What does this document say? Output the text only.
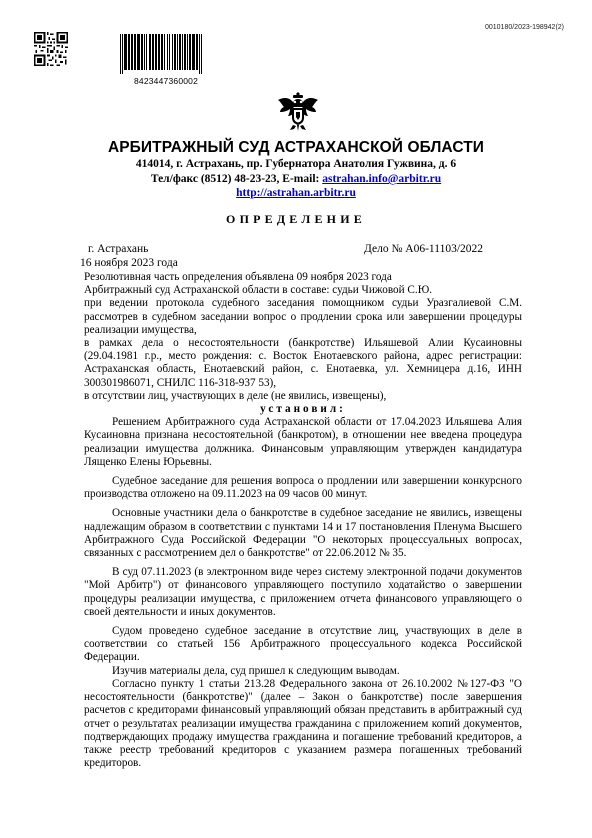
0010180/2023-198942(2)
8423447360002
АРБИТРАЖНЫЙ СУД АСТРАХАНСКОЙ ОБЛАСТИ
414014, г. Астрахань, пр. Губернатора Анатолия Гужвина, д. 6
Тел/факс (8512) 48-23-23, E-mail: astrahan.info@arbitr.ru
http://astrahan.arbitr.ru
ОПРЕДЕЛЕНИЕ
г. Астрахань	Дело № А06-11103/2022
16 ноября 2023 года

Резолютивная часть определения объявлена 09 ноября 2023 года

Арбитражный суд Астраханской области в составе: судьи Чижовой С.Ю.

при ведении протокола судебного заседания помощником судьи Уразгалиевой С.М. рассмотрев в судебном заседании вопрос о продлении срока или завершении процедуры реализации имущества,

в рамках дела о несостоятельности (банкротстве) Ильяшевой Алии Кусаиновны (29.04.1981 г.р., место рождения: с. Восток Енотаевского района, адрес регистрации: Астраханская область, Енотаевский район, с. Енотаевка, ул. Хемницера д.16, ИНН 300301986071, СНИЛС 116-318-937 53),

в отсутствии лиц, участвующих в деле (не явились, извещены),

установил:

Решением Арбитражного суда Астраханской области от 17.04.2023 Ильяшева Алия Кусаиновна признана несостоятельной (банкротом), в отношении нее введена процедура реализации имущества должника. Финансовым управляющим утвержден кандидатура Лященко Елены Юрьевны.

Судебное заседание для решения вопроса о продлении или завершении конкурсного производства отложено на 09.11.2023 на 09 часов 00 минут.

Основные участники дела о банкротстве в судебное заседание не явились, извещены надлежащим образом в соответствии с пунктами 14 и 17 постановления Пленума Высшего Арбитражного Суда Российской Федерации "О некоторых процессуальных вопросах, связанных с рассмотрением дел о банкротстве" от 22.06.2012 № 35.

В суд 07.11.2023 (в электронном виде через систему электронной подачи документов "Мой Арбитр") от финансового управляющего поступило ходатайство о завершении процедуры реализации имущества, с приложением отчета финансового управляющего о своей деятельности и иных документов.

Судом проведено судебное заседание в отсутствие лиц, участвующих в деле в соответствии со статьей 156 Арбитражного процессуального кодекса Российской Федерации.

Изучив материалы дела, суд пришел к следующим выводам.

Согласно пункту 1 статьи 213.28 Федерального закона от 26.10.2002 №127-ФЗ "О несостоятельности (банкротстве)" (далее – Закон о банкротстве) после завершения расчетов с кредиторами финансовый управляющий обязан представить в арбитражный суд отчет о результатах реализации имущества гражданина с приложением копий документов, подтверждающих продажу имущества гражданина и погашение требований кредиторов, а также реестр требований кредиторов с указанием размера погашенных требований кредиторов.
